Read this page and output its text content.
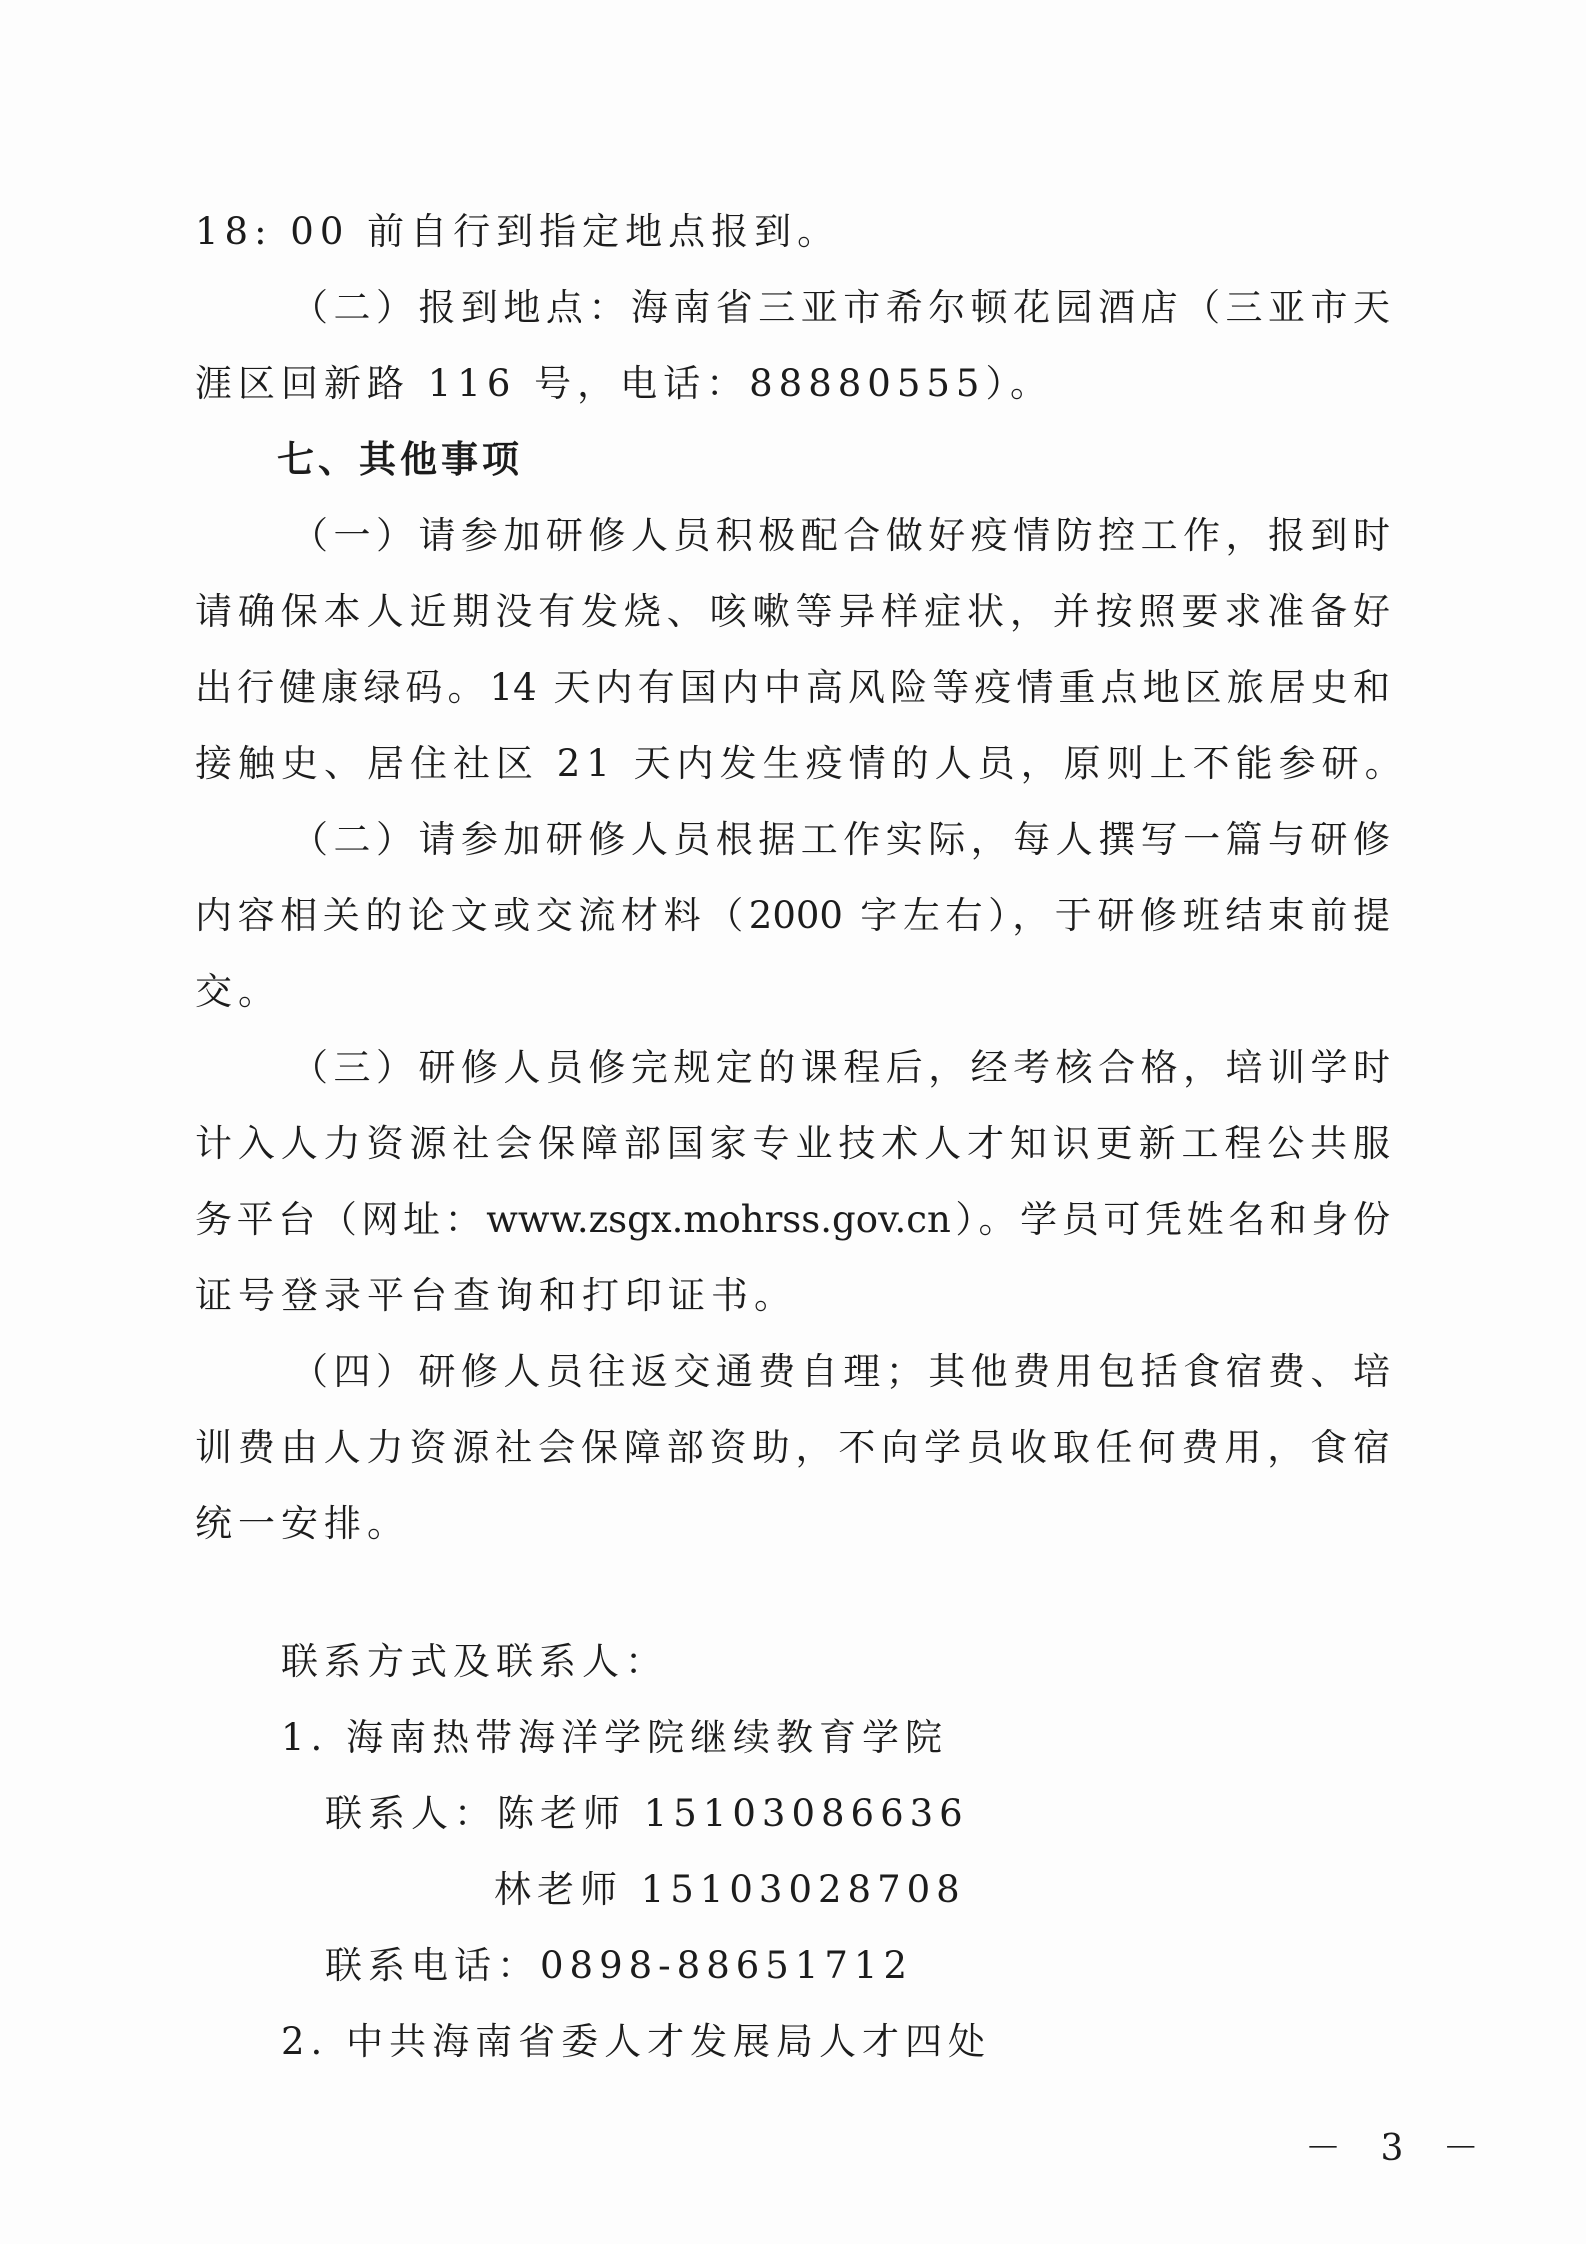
18: 00 前自行到指定地点报到。
（二）报到地点：海南省三亚市希尔顿花园酒店（三亚市天
涯区回新路 116 号，电话：88880555）。
七、其他事项
（一）请参加研修人员积极配合做好疫情防控工作，报到时
请确保本人近期没有发烧、咳嗽等异样症状，并按照要求准备好
出行健康绿码。14 天内有国内中高风险等疫情重点地区旅居史和
接触史、居住社区 21 天内发生疫情的人员，原则上不能参研。
（二）请参加研修人员根据工作实际，每人撰写一篇与研修
内容相关的论文或交流材料（2000 字左右），于研修班结束前提
交。
（三）研修人员修完规定的课程后，经考核合格，培训学时
计入人力资源社会保障部国家专业技术人才知识更新工程公共服
务平台（网址：www.zsgx.mohrss.gov.cn）。学员可凭姓名和身份
证号登录平台查询和打印证书。
（四）研修人员往返交通费自理；其他费用包括食宿费、培
训费由人力资源社会保障部资助，不向学员收取任何费用，食宿
统一安排。
联系方式及联系人：
1. 海南热带海洋学院继续教育学院
联系人：陈老师 15103086636
林老师 15103028708
联系电话：0898-88651712
2. 中共海南省委人才发展局人才四处
－ 3 －
